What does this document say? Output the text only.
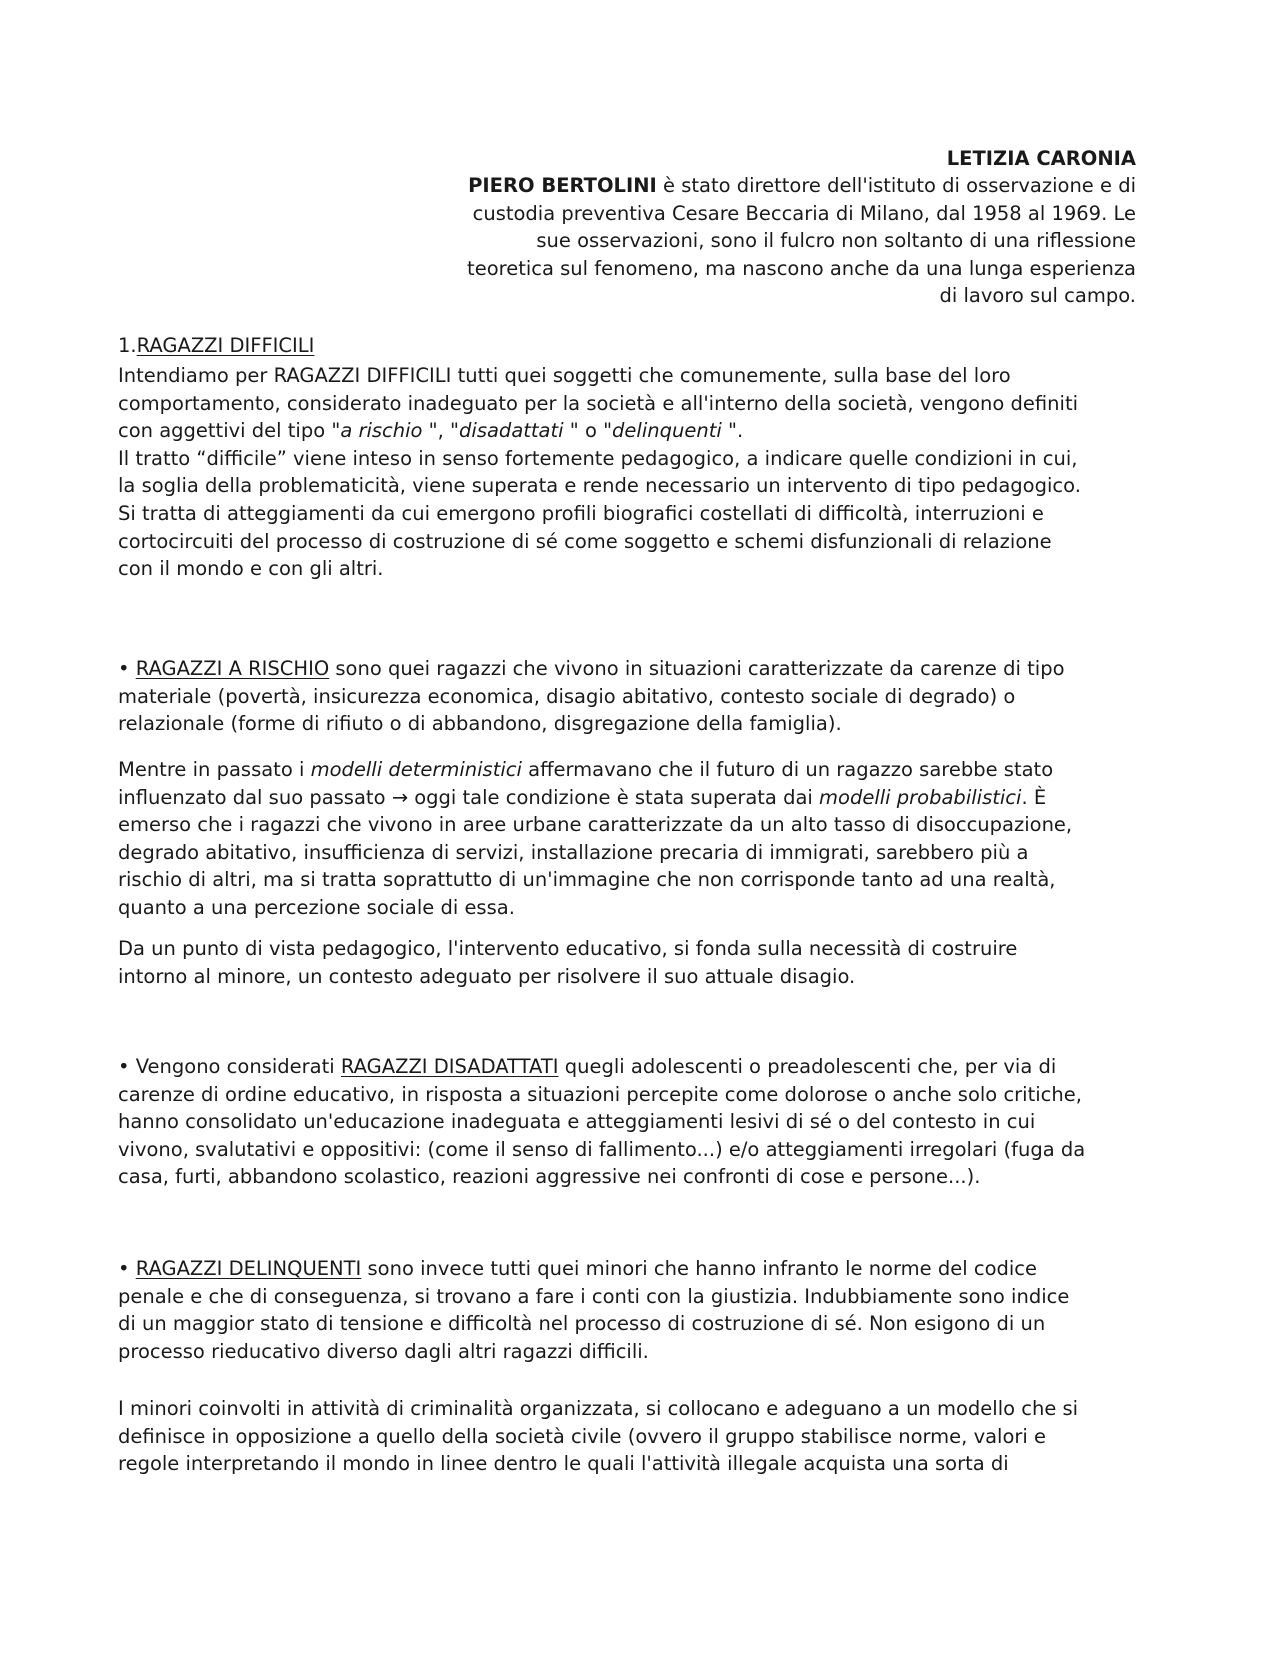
LETIZIA CARONIA
PIERO BERTOLINI è stato direttore dell'istituto di osservazione e di
custodia preventiva Cesare Beccaria di Milano, dal 1958 al 1969. Le
sue osservazioni, sono il fulcro non soltanto di una riflessione
teoretica sul fenomeno, ma nascono anche da una lunga esperienza
di lavoro sul campo.
1.RAGAZZI DIFFICILI
Intendiamo per RAGAZZI DIFFICILI tutti quei soggetti che comunemente, sulla base del loro
comportamento, considerato inadeguato per la società e all'interno della società, vengono definiti
con aggettivi del tipo "a rischio ", "disadattati " o "delinquenti ".
Il tratto “difficile” viene inteso in senso fortemente pedagogico, a indicare quelle condizioni in cui,
la soglia della problematicità, viene superata e rende necessario un intervento di tipo pedagogico.
Si tratta di atteggiamenti da cui emergono profili biografici costellati di difficoltà, interruzioni e
cortocircuiti del processo di costruzione di sé come soggetto e schemi disfunzionali di relazione
con il mondo e con gli altri.
• RAGAZZI A RISCHIO sono quei ragazzi che vivono in situazioni caratterizzate da carenze di tipo
materiale (povertà, insicurezza economica, disagio abitativo, contesto sociale di degrado) o
relazionale (forme di rifiuto o di abbandono, disgregazione della famiglia).
Mentre in passato i modelli deterministici affermavano che il futuro di un ragazzo sarebbe stato
influenzato dal suo passato → oggi tale condizione è stata superata dai modelli probabilistici. È
emerso che i ragazzi che vivono in aree urbane caratterizzate da un alto tasso di disoccupazione,
degrado abitativo, insufficienza di servizi, installazione precaria di immigrati, sarebbero più a
rischio di altri, ma si tratta soprattutto di un'immagine che non corrisponde tanto ad una realtà,
quanto a una percezione sociale di essa.
Da un punto di vista pedagogico, l'intervento educativo, si fonda sulla necessità di costruire
intorno al minore, un contesto adeguato per risolvere il suo attuale disagio.
• Vengono considerati RAGAZZI DISADATTATI quegli adolescenti o preadolescenti che, per via di
carenze di ordine educativo, in risposta a situazioni percepite come dolorose o anche solo critiche,
hanno consolidato un'educazione inadeguata e atteggiamenti lesivi di sé o del contesto in cui
vivono, svalutativi e oppositivi: (come il senso di fallimento...) e/o atteggiamenti irregolari (fuga da
casa, furti, abbandono scolastico, reazioni aggressive nei confronti di cose e persone...).
• RAGAZZI DELINQUENTI sono invece tutti quei minori che hanno infranto le norme del codice
penale e che di conseguenza, si trovano a fare i conti con la giustizia. Indubbiamente sono indice
di un maggior stato di tensione e difficoltà nel processo di costruzione di sé. Non esigono di un
processo rieducativo diverso dagli altri ragazzi difficili.
I minori coinvolti in attività di criminalità organizzata, si collocano e adeguano a un modello che si
definisce in opposizione a quello della società civile (ovvero il gruppo stabilisce norme, valori e
regole interpretando il mondo in linee dentro le quali l'attività illegale acquista una sorta di
